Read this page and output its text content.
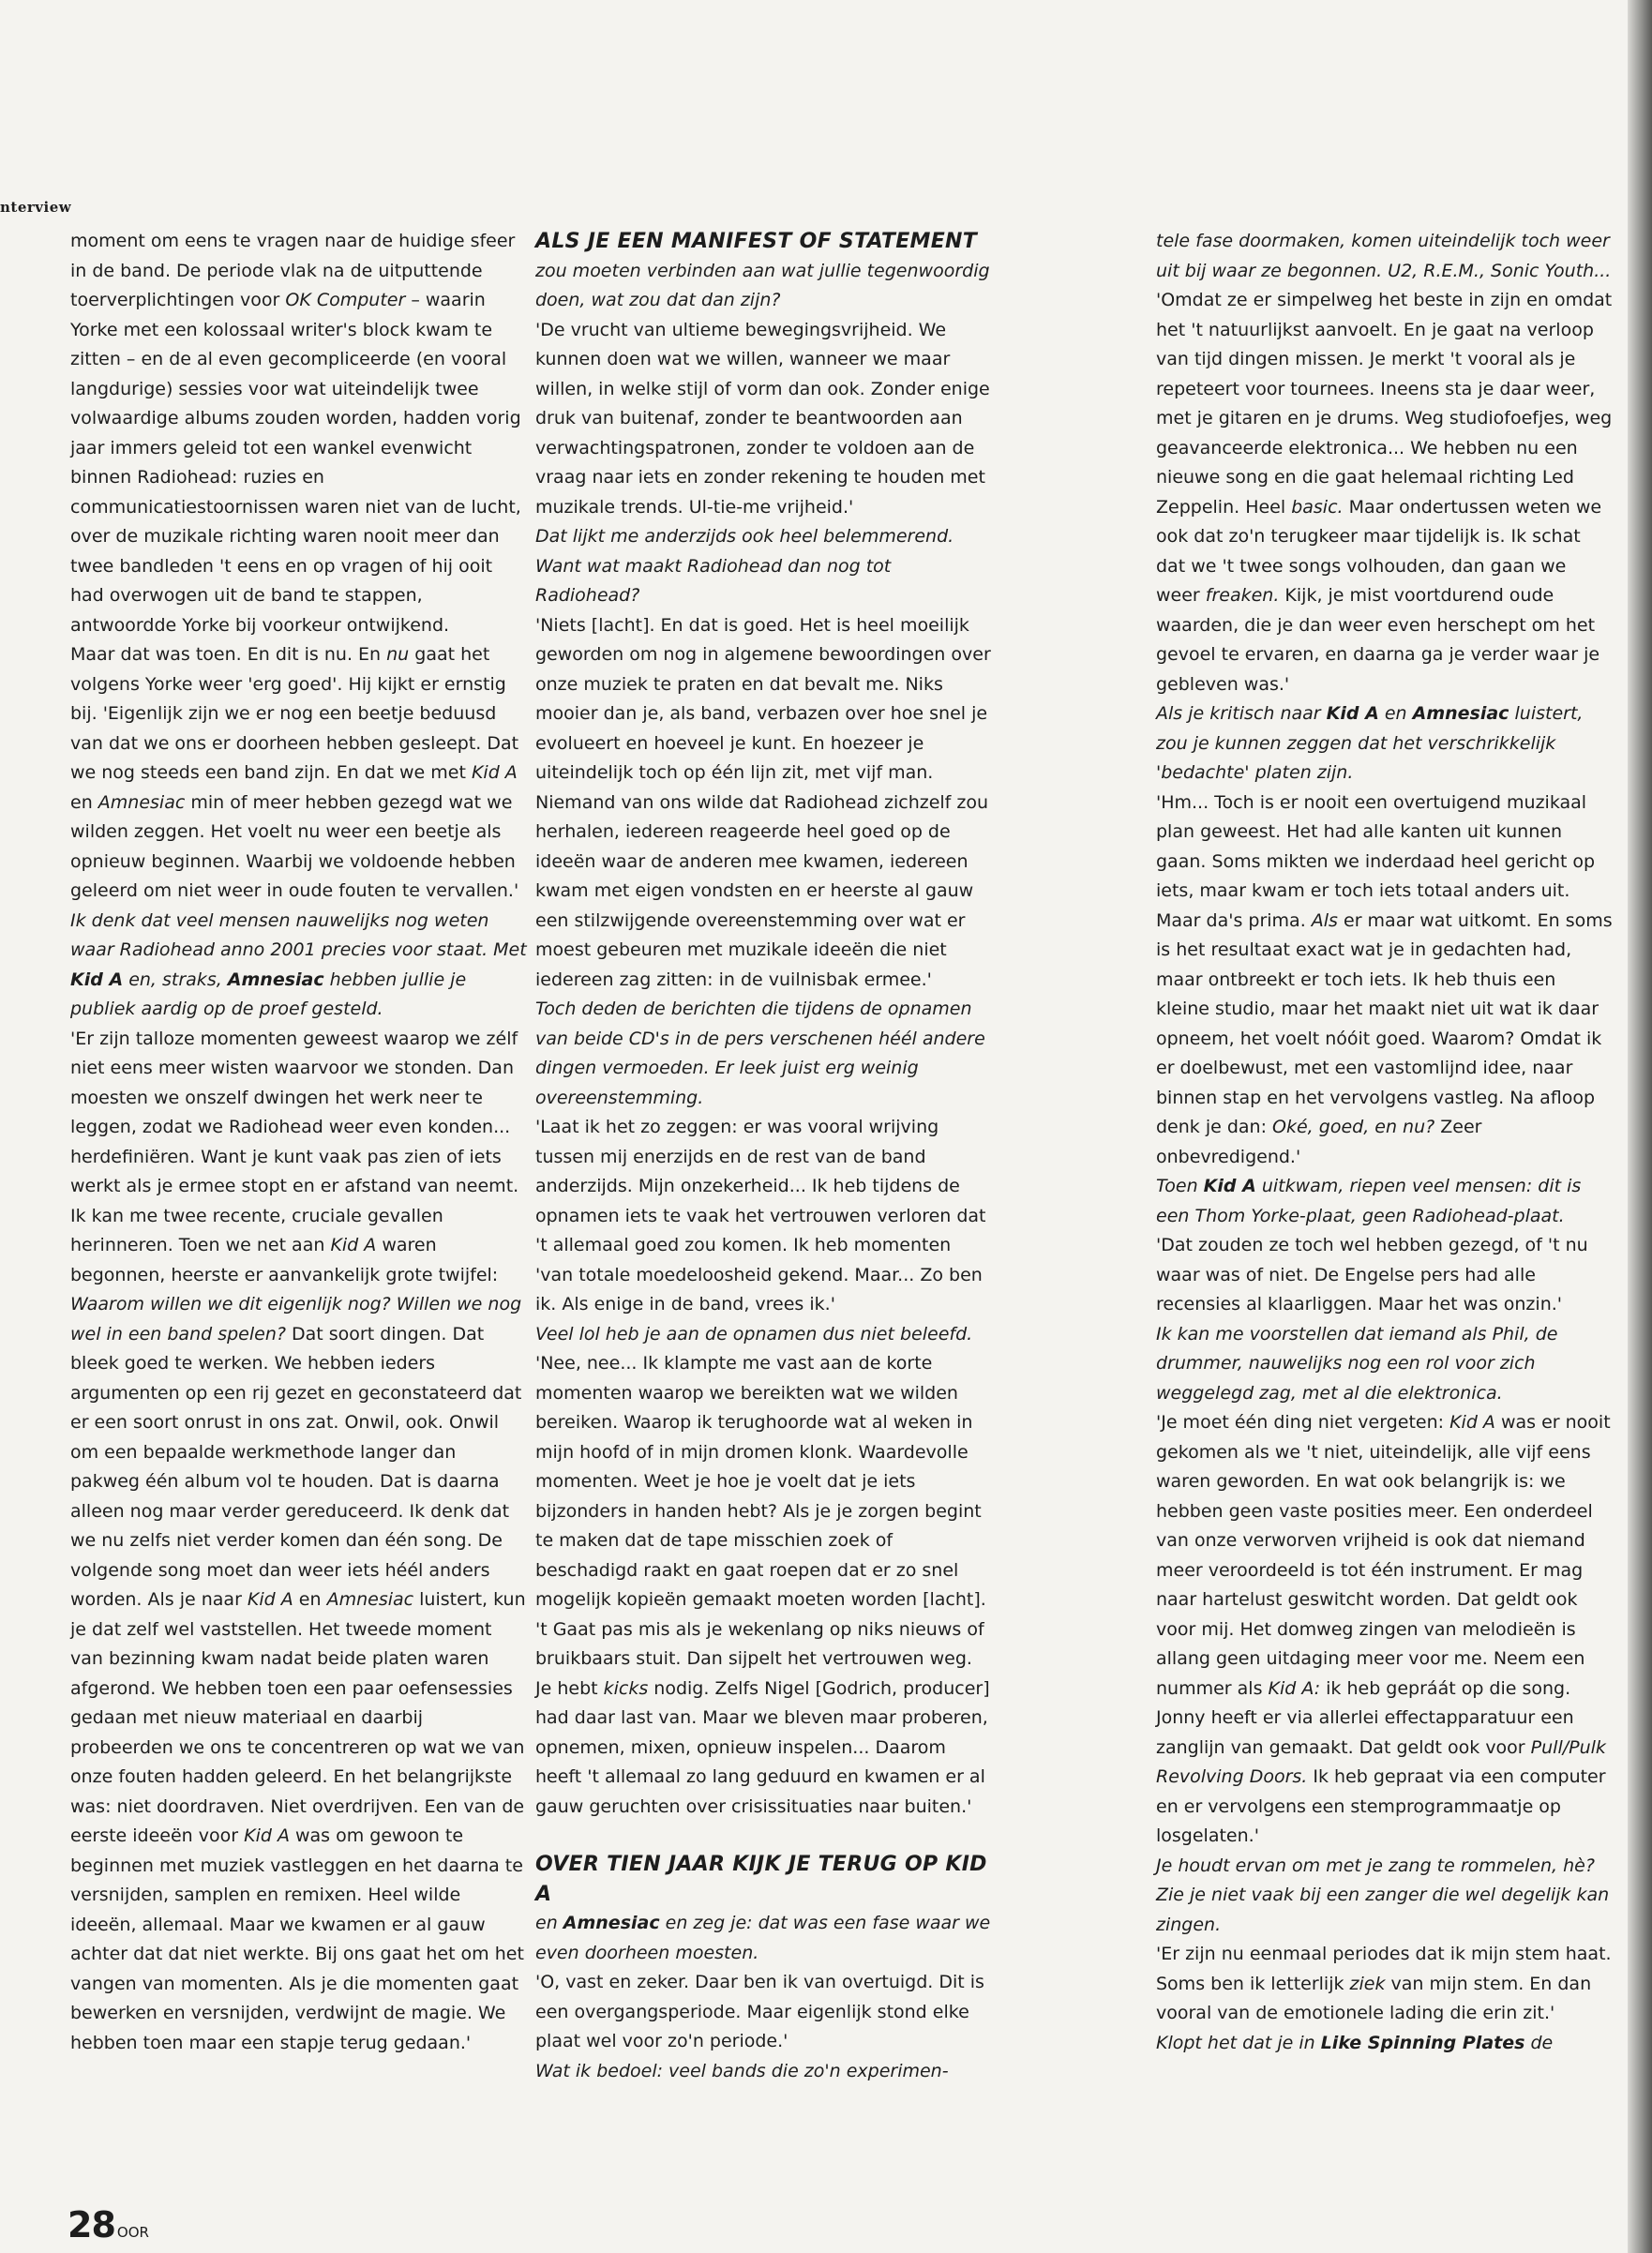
nterview

moment om eens te vragen naar de huidige sfeer in de band. De periode vlak na de uitputtende toerverplichtingen voor OK Computer – waarin Yorke met een kolossaal writer's block kwam te zitten – en de al even gecompliceerde (en vooral langdurige) sessies voor wat uiteindelijk twee volwaardige albums zouden worden, hadden vorig jaar immers geleid tot een wankel evenwicht binnen Radiohead: ruzies en communicatiestoornissen waren niet van de lucht, over de muzikale richting waren nooit meer dan twee bandleden 't eens en op vragen of hij ooit had overwogen uit de band te stappen, antwoordde Yorke bij voorkeur ontwijkend.

Maar dat was toen. En dit is nu. En nu gaat het volgens Yorke weer 'erg goed'. Hij kijkt er ernstig bij. 'Eigenlijk zijn we er nog een beetje beduusd van dat we ons er doorheen hebben gesleept. Dat we nog steeds een band zijn. En dat we met Kid A en Amnesiac min of meer hebben gezegd wat we wilden zeggen. Het voelt nu weer een beetje als opnieuw beginnen. Waarbij we voldoende hebben geleerd om niet weer in oude fouten te vervallen.'

Ik denk dat veel mensen nauwelijks nog weten waar Radiohead anno 2001 precies voor staat. Met Kid A en, straks, Amnesiac hebben jullie je publiek aardig op de proef gesteld.

'Er zijn talloze momenten geweest waarop we zélf niet eens meer wisten waarvoor we stonden. Dan moesten we onszelf dwingen het werk neer te leggen, zodat we Radiohead weer even konden... herdefiniëren. Want je kunt vaak pas zien of iets werkt als je ermee stopt en er afstand van neemt. Ik kan me twee recente, cruciale gevallen herinneren. Toen we net aan Kid A waren begonnen, heerste er aanvankelijk grote twijfel: Waarom willen we dit eigenlijk nog? Willen we nog wel in een band spelen? Dat soort dingen. Dat bleek goed te werken. We hebben ieders argumenten op een rij gezet en geconstateerd dat er een soort onrust in ons zat. Onwil, ook. Onwil om een bepaalde werkmethode langer dan pakweg één album vol te houden. Dat is daarna alleen nog maar verder gereduceerd. Ik denk dat we nu zelfs niet verder komen dan één song. De volgende song moet dan weer iets héél anders worden. Als je naar Kid A en Amnesiac luistert, kun je dat zelf wel vaststellen. Het tweede moment van bezinning kwam nadat beide platen waren afgerond. We hebben toen een paar oefensessies gedaan met nieuw materiaal en daarbij probeerden we ons te concentreren op wat we van onze fouten hadden geleerd. En het belangrijkste was: niet doordraven. Niet overdrijven. Een van de eerste ideeën voor Kid A was om gewoon te beginnen met muziek vastleggen en het daarna te versnijden, samplen en remixen. Heel wilde ideeën, allemaal. Maar we kwamen er al gauw achter dat dat niet werkte. Bij ons gaat het om het vangen van momenten. Als je die momenten gaat bewerken en versnijden, verdwijnt de magie. We hebben toen maar een stapje terug gedaan.'

ALS JE EEN MANIFEST OF STATEMENT

zou moeten verbinden aan wat jullie tegenwoordig doen, wat zou dat dan zijn?

'De vrucht van ultieme bewegingsvrijheid. We kunnen doen wat we willen, wanneer we maar willen, in welke stijl of vorm dan ook. Zonder enige druk van buitenaf, zonder te beantwoorden aan verwachtingspatronen, zonder te voldoen aan de vraag naar iets en zonder rekening te houden met muzikale trends. Ul-tie-me vrijheid.'

Dat lijkt me anderzijds ook heel belemmerend. Want wat maakt Radiohead dan nog tot Radiohead?

'Niets [lacht]. En dat is goed. Het is heel moeilijk geworden om nog in algemene bewoordingen over onze muziek te praten en dat bevalt me. Niks mooier dan je, als band, verbazen over hoe snel je evolueert en hoeveel je kunt. En hoezeer je uiteindelijk toch op één lijn zit, met vijf man. Niemand van ons wilde dat Radiohead zichzelf zou herhalen, iedereen reageerde heel goed op de ideeën waar de anderen mee kwamen, iedereen kwam met eigen vondsten en er heerste al gauw een stilzwijgende overeenstemming over wat er moest gebeuren met muzikale ideeën die niet iedereen zag zitten: in de vuilnisbak ermee.'

Toch deden de berichten die tijdens de opnamen van beide CD's in de pers verschenen héél andere dingen vermoeden. Er leek juist erg weinig overeenstemming.

'Laat ik het zo zeggen: er was vooral wrijving tussen mij enerzijds en de rest van de band anderzijds. Mijn onzekerheid... Ik heb tijdens de opnamen iets te vaak het vertrouwen verloren dat 't allemaal goed zou komen. Ik heb momenten 'van totale moedeloosheid gekend. Maar... Zo ben ik. Als enige in de band, vrees ik.'

Veel lol heb je aan de opnamen dus niet beleefd.

'Nee, nee... Ik klampte me vast aan de korte momenten waarop we bereikten wat we wilden bereiken. Waarop ik terughoorde wat al weken in mijn hoofd of in mijn dromen klonk. Waardevolle momenten. Weet je hoe je voelt dat je iets bijzonders in handen hebt? Als je je zorgen begint te maken dat de tape misschien zoek of beschadigd raakt en gaat roepen dat er zo snel mogelijk kopieën gemaakt moeten worden [lacht]. 't Gaat pas mis als je wekenlang op niks nieuws of bruikbaars stuit. Dan sijpelt het vertrouwen weg. Je hebt kicks nodig. Zelfs Nigel [Godrich, producer] had daar last van. Maar we bleven maar proberen, opnemen, mixen, opnieuw inspelen... Daarom heeft 't allemaal zo lang geduurd en kwamen er al gauw geruchten over crisissituaties naar buiten.'

OVER TIEN JAAR KIJK JE TERUG OP KID A

en Amnesiac en zeg je: dat was een fase waar we even doorheen moesten.

'O, vast en zeker. Daar ben ik van overtuigd. Dit is een overgangsperiode. Maar eigenlijk stond elke plaat wel voor zo'n periode.'

Wat ik bedoel: veel bands die zo'n experimen-

tele fase doormaken, komen uiteindelijk toch weer uit bij waar ze begonnen. U2, R.E.M., Sonic Youth...

'Omdat ze er simpelweg het beste in zijn en omdat het 't natuurlijkst aanvoelt. En je gaat na verloop van tijd dingen missen. Je merkt 't vooral als je repeteert voor tournees. Ineens sta je daar weer, met je gitaren en je drums. Weg studiofoefjes, weg geavanceerde elektronica... We hebben nu een nieuwe song en die gaat helemaal richting Led Zeppelin. Heel basic. Maar ondertussen weten we ook dat zo'n terugkeer maar tijdelijk is. Ik schat dat we 't twee songs volhouden, dan gaan we weer freaken. Kijk, je mist voortdurend oude waarden, die je dan weer even herschept om het gevoel te ervaren, en daarna ga je verder waar je gebleven was.'

Als je kritisch naar Kid A en Amnesiac luistert, zou je kunnen zeggen dat het verschrikkelijk 'bedachte' platen zijn.

'Hm... Toch is er nooit een overtuigend muzikaal plan geweest. Het had alle kanten uit kunnen gaan. Soms mikten we inderdaad heel gericht op iets, maar kwam er toch iets totaal anders uit. Maar da's prima. Als er maar wat uitkomt. En soms is het resultaat exact wat je in gedachten had, maar ontbreekt er toch iets. Ik heb thuis een kleine studio, maar het maakt niet uit wat ik daar opneem, het voelt nóóit goed. Waarom? Omdat ik er doelbewust, met een vastomlijnd idee, naar binnen stap en het vervolgens vastleg. Na afloop denk je dan: Oké, goed, en nu? Zeer onbevredigend.'

Toen Kid A uitkwam, riepen veel mensen: dit is een Thom Yorke-plaat, geen Radiohead-plaat.

'Dat zouden ze toch wel hebben gezegd, of 't nu waar was of niet. De Engelse pers had alle recensies al klaarliggen. Maar het was onzin.'

Ik kan me voorstellen dat iemand als Phil, de drummer, nauwelijks nog een rol voor zich weggelegd zag, met al die elektronica.

'Je moet één ding niet vergeten: Kid A was er nooit gekomen als we 't niet, uiteindelijk, alle vijf eens waren geworden. En wat ook belangrijk is: we hebben geen vaste posities meer. Een onderdeel van onze verworven vrijheid is ook dat niemand meer veroordeeld is tot één instrument. Er mag naar hartelust geswitcht worden. Dat geldt ook voor mij. Het domweg zingen van melodieën is allang geen uitdaging meer voor me. Neem een nummer als Kid A: ik heb gepráát op die song. Jonny heeft er via allerlei effectapparatuur een zanglijn van gemaakt. Dat geldt ook voor Pull/Pulk Revolving Doors. Ik heb gepraat via een computer en er vervolgens een stemprogrammaatje op losgelaten.'

Je houdt ervan om met je zang te rommelen, hè? Zie je niet vaak bij een zanger die wel degelijk kan zingen.

'Er zijn nu eenmaal periodes dat ik mijn stem haat. Soms ben ik letterlijk ziek van mijn stem. En dan vooral van de emotionele lading die erin zit.'

Klopt het dat je in Like Spinning Plates de

28 OOR
